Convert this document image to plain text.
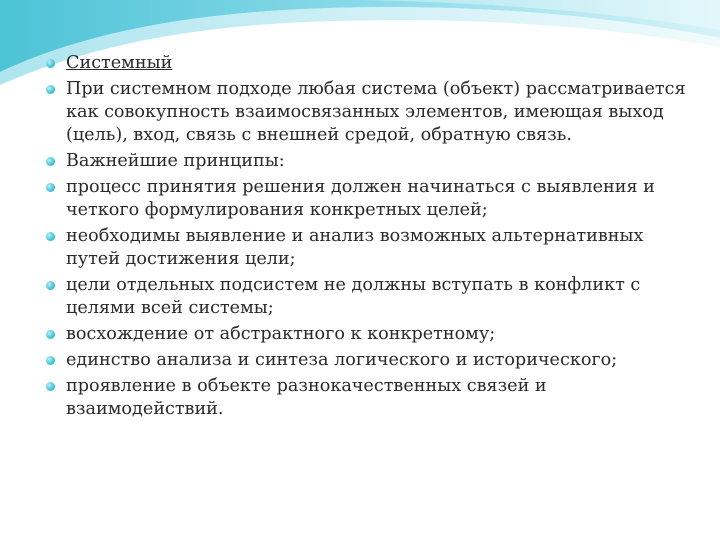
Системный
При системном подходе любая система (объект) рассматривается как совокупность взаимосвязанных элементов, имеющая выход (цель), вход, связь с внешней средой, обратную связь.
Важнейшие принципы:
процесс принятия решения должен начинаться с выявления и четкого формулирования конкретных целей;
необходимы выявление и анализ возможных альтернативных путей достижения цели;
цели отдельных подсистем не должны вступать в конфликт с целями всей системы;
восхождение от абстрактного к конкретному;
единство анализа и синтеза логического и исторического;
проявление в объекте разнокачественных связей и взаимодействий.
